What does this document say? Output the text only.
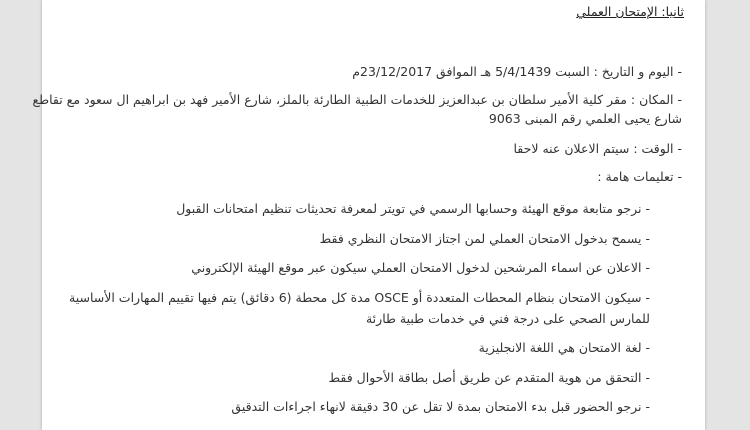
ثانيا: الإمتحان العملي
- اليوم و التاريخ : السبت 5/4/1439 هـ الموافق 23/12/2017م
- المكان : مقر كلية الأمير سلطان بن عبدالعزيز للخدمات الطبية الطارئة بالملز، شارع الأمير فهد بن ابراهيم ال سعود مع تقاطع
شارع يحيى العلمي رقم المبنى 9063
- الوقت : سيتم الاعلان عنه لاحقا
- تعليمات هامة :
- نرجو متابعة موقع الهيئة وحسابها الرسمي في تويتر لمعرفة تحديثات تنظيم امتحانات القبول
- يسمح بدخول الامتحان العملي لمن اجتاز الامتحان النظري فقط
- الاعلان عن اسماء المرشحين لدخول الامتحان العملي سيكون عبر موقع الهيئة الإلكتروني
- سيكون الامتحان بنظام المحطات المتعددة أو OSCE مدة كل محطة (6 دقائق) يتم فيها تقييم المهارات الأساسية
للمارس الصحي على درجة فني في خدمات طبية طارئة
- لغة الامتحان هي اللغة الانجليزية
- التحقق من هوية المتقدم عن طريق أصل بطاقة الأحوال فقط
- نرجو الحضور قبل بدء الامتحان بمدة لا تقل عن 30 دقيقة لانهاء اجراءات التدقيق
